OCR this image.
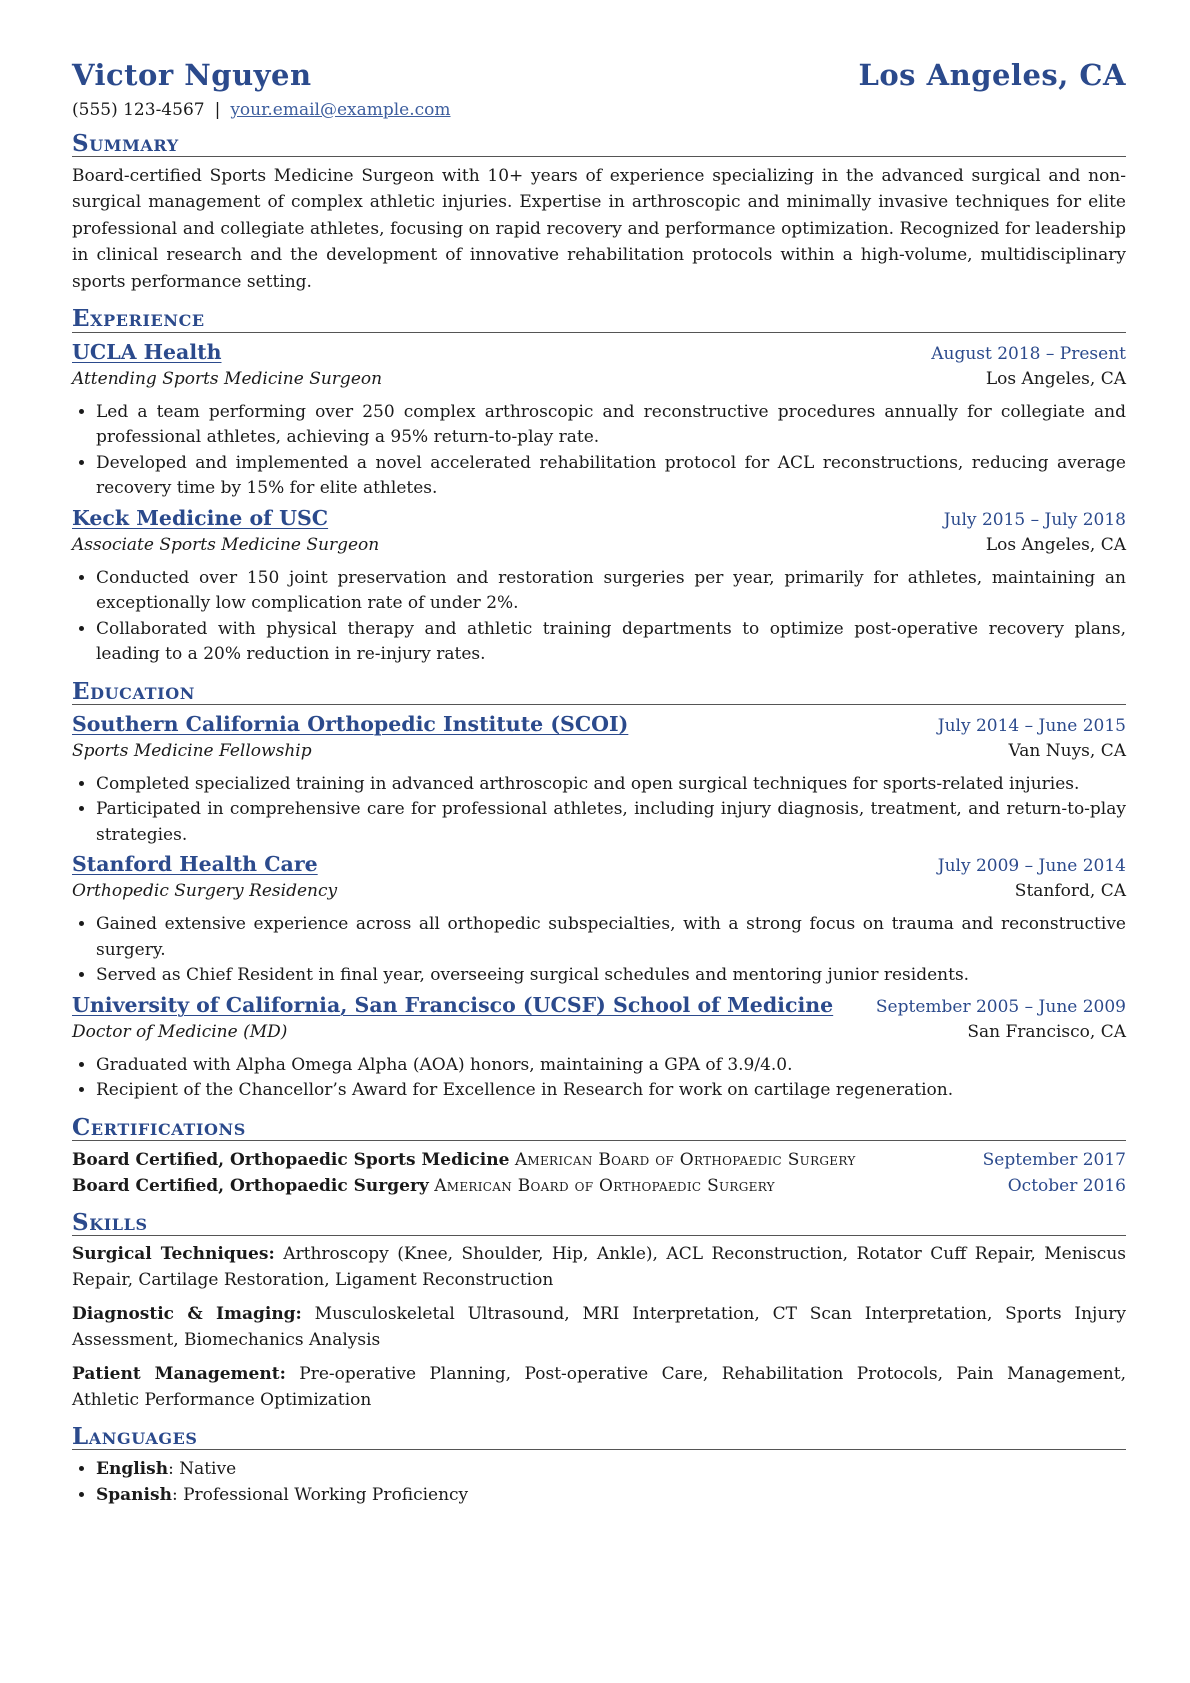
Victor Nguyen	Los Angeles, CA
(555) 123-4567 | your.email@example.com
Summary
Board-certified Sports Medicine Surgeon with 10+ years of experience specializing in the advanced surgical and non-surgical management of complex athletic injuries. Expertise in arthroscopic and minimally invasive techniques for elite professional and collegiate athletes, focusing on rapid recovery and performance optimization. Recognized for leadership in clinical research and the development of innovative rehabilitation protocols within a high-volume, multidisciplinary sports performance setting.
Experience
UCLA Health	August 2018 – Present
Attending Sports Medicine Surgeon	Los Angeles, CA
• Led a team performing over 250 complex arthroscopic and reconstructive procedures annually for collegiate and professional athletes, achieving a 95% return-to-play rate.
• Developed and implemented a novel accelerated rehabilitation protocol for ACL reconstructions, reducing average recovery time by 15% for elite athletes.
Keck Medicine of USC	July 2015 – July 2018
Associate Sports Medicine Surgeon	Los Angeles, CA
• Conducted over 150 joint preservation and restoration surgeries per year, primarily for athletes, maintaining an exceptionally low complication rate of under 2%.
• Collaborated with physical therapy and athletic training departments to optimize post-operative recovery plans, leading to a 20% reduction in re-injury rates.
Education
Southern California Orthopedic Institute (SCOI)	July 2014 – June 2015
Sports Medicine Fellowship	Van Nuys, CA
• Completed specialized training in advanced arthroscopic and open surgical techniques for sports-related injuries.
• Participated in comprehensive care for professional athletes, including injury diagnosis, treatment, and return-to-play strategies.
Stanford Health Care	July 2009 – June 2014
Orthopedic Surgery Residency	Stanford, CA
• Gained extensive experience across all orthopedic subspecialties, with a strong focus on trauma and reconstructive surgery.
• Served as Chief Resident in final year, overseeing surgical schedules and mentoring junior residents.
University of California, San Francisco (UCSF) School of Medicine	September 2005 – June 2009
Doctor of Medicine (MD)	San Francisco, CA
• Graduated with Alpha Omega Alpha (AOA) honors, maintaining a GPA of 3.9/4.0.
• Recipient of the Chancellor’s Award for Excellence in Research for work on cartilage regeneration.
Certifications
Board Certified, Orthopaedic Sports Medicine American Board of Orthopaedic Surgery	September 2017
Board Certified, Orthopaedic Surgery American Board of Orthopaedic Surgery	October 2016
Skills
Surgical Techniques: Arthroscopy (Knee, Shoulder, Hip, Ankle), ACL Reconstruction, Rotator Cuff Repair, Meniscus Repair, Cartilage Restoration, Ligament Reconstruction
Diagnostic & Imaging: Musculoskeletal Ultrasound, MRI Interpretation, CT Scan Interpretation, Sports Injury Assessment, Biomechanics Analysis
Patient Management: Pre-operative Planning, Post-operative Care, Rehabilitation Protocols, Pain Management, Athletic Performance Optimization
Languages
• English: Native
• Spanish: Professional Working Proficiency
